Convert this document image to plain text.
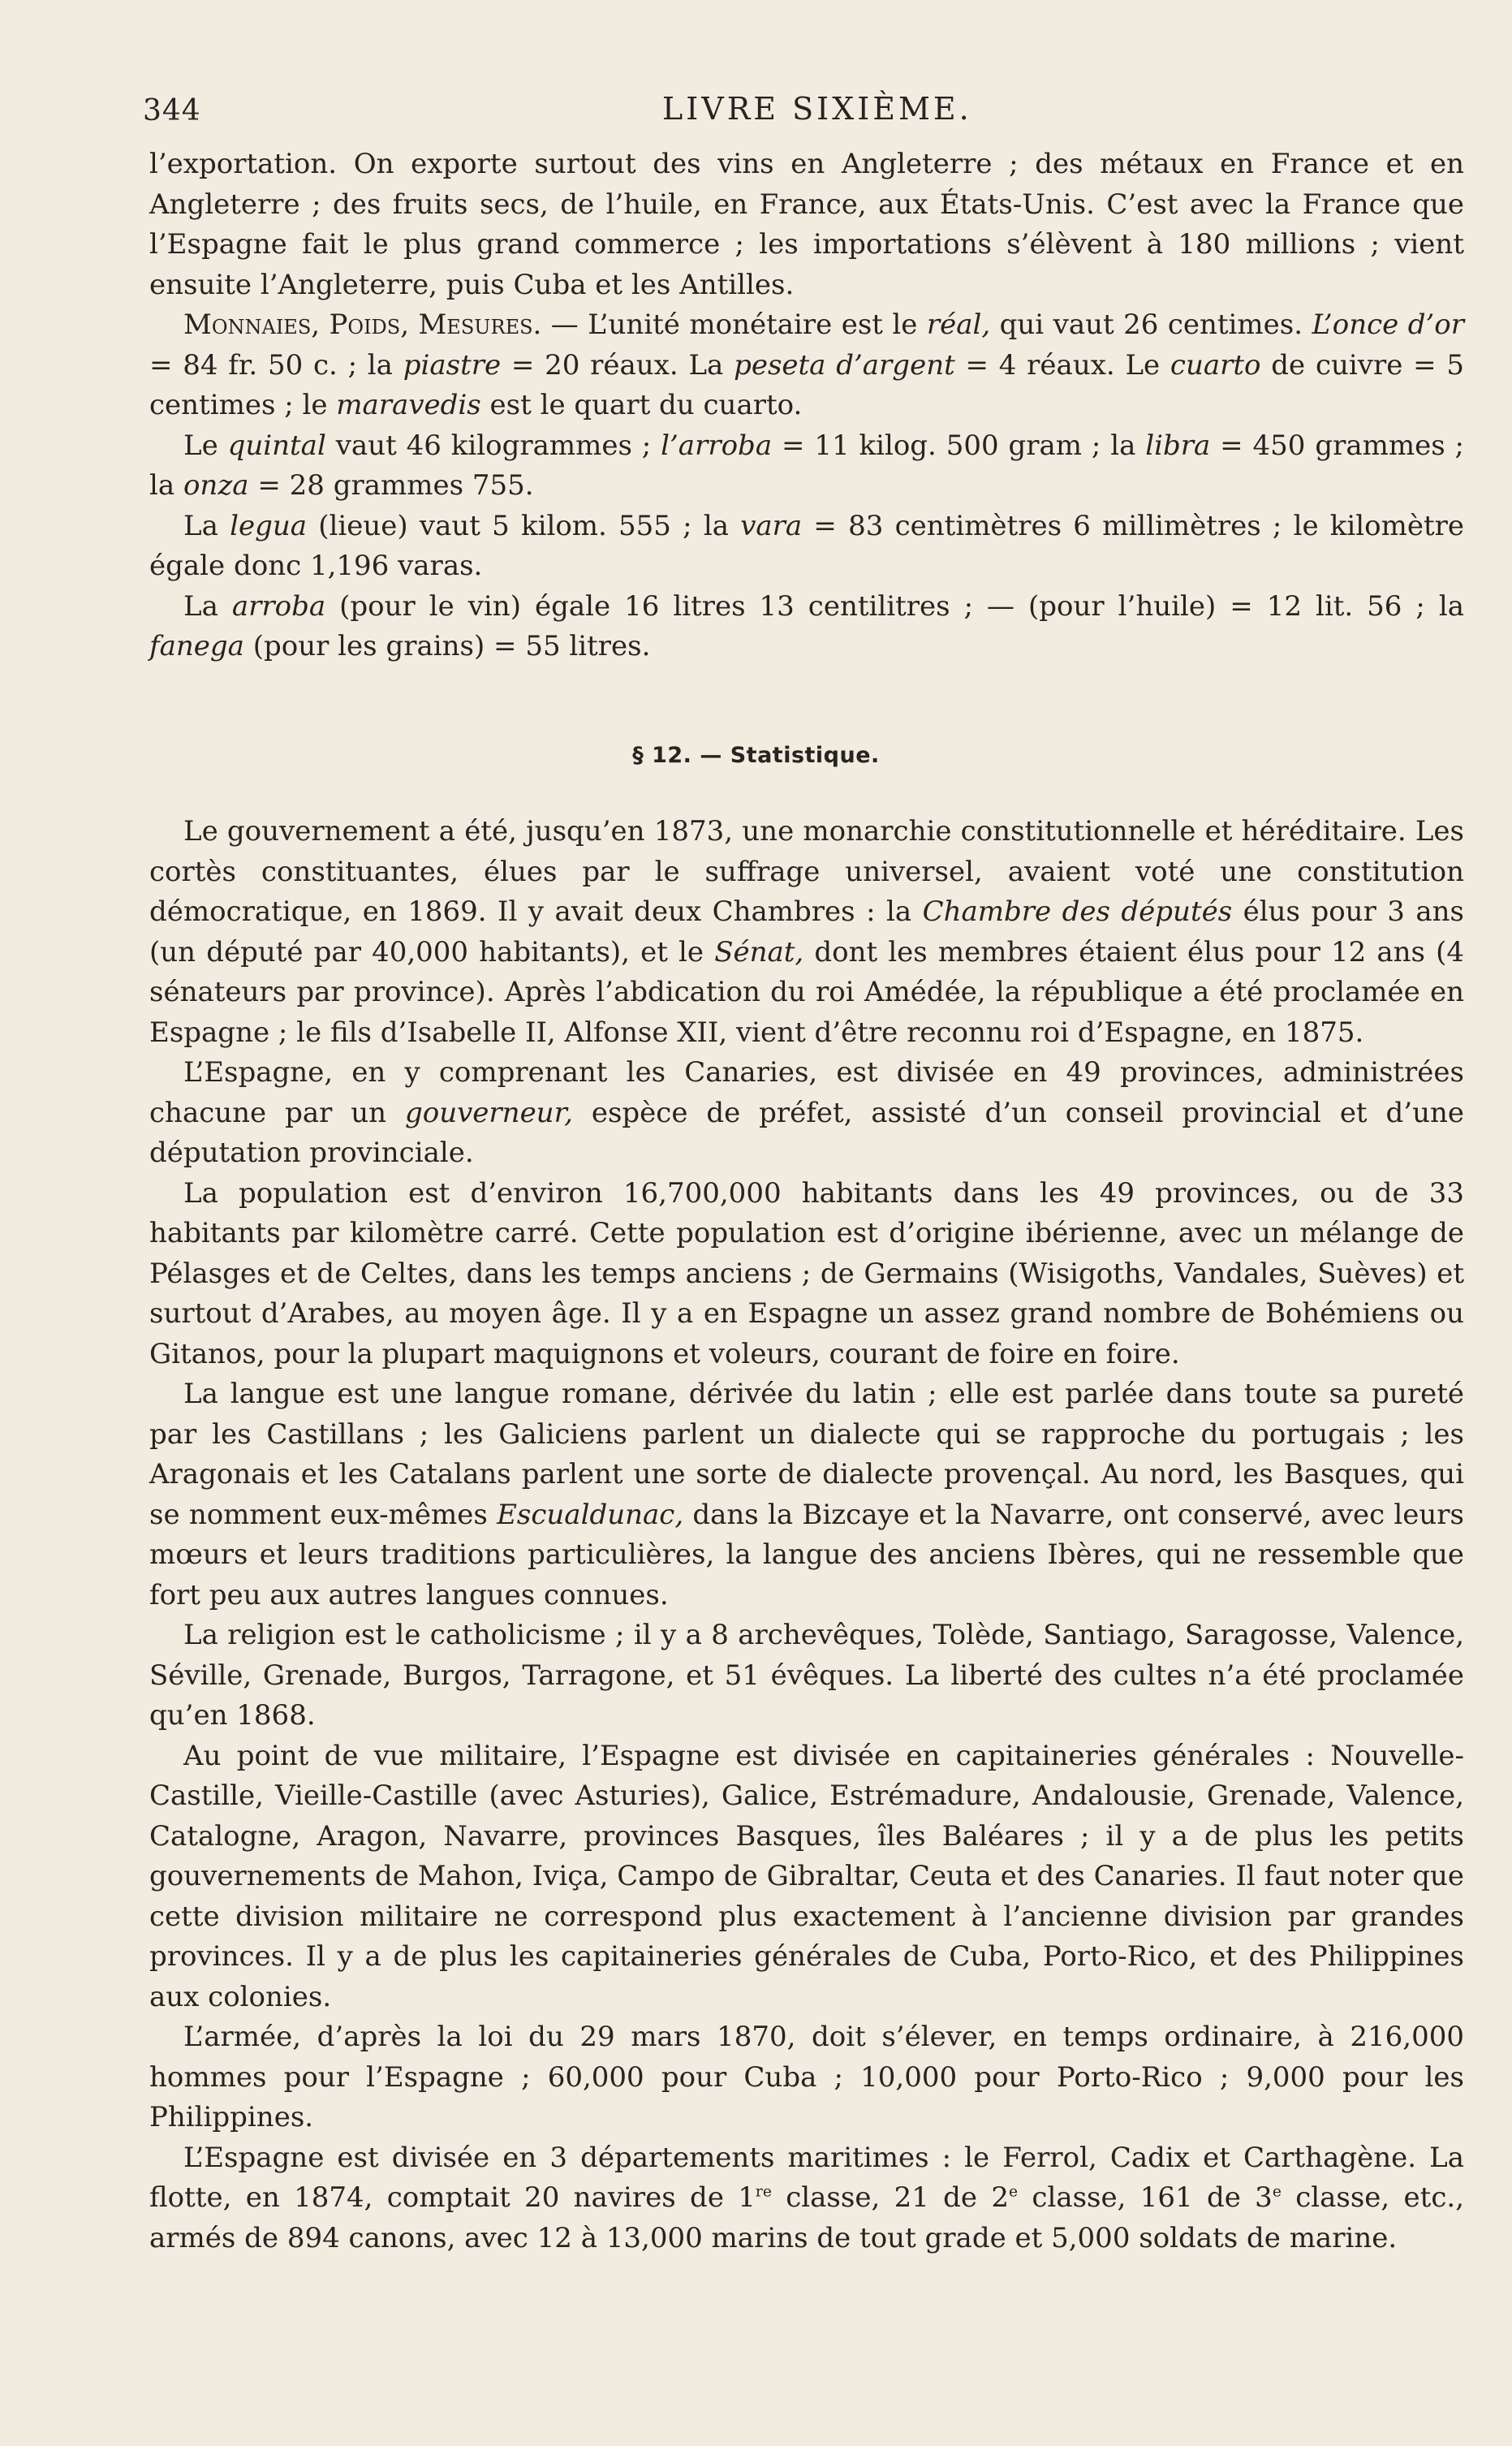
344	LIVRE SIXIÈME.

l’exportation. On exporte surtout des vins en Angleterre ; des métaux en France et en Angleterre ; des fruits secs, de l’huile, en France, aux États-Unis. C’est avec la France que l’Espagne fait le plus grand commerce ; les importations s’élèvent à 180 millions ; vient ensuite l’Angleterre, puis Cuba et les Antilles.

Monnaies, Poids, Mesures. — L’unité monétaire est le réal, qui vaut 26 centimes. L’once d’or = 84 fr. 50 c. ; la piastre = 20 réaux. La peseta d’argent = 4 réaux. Le cuarto de cuivre = 5 centimes ; le maravedis est le quart du cuarto.

Le quintal vaut 46 kilogrammes ; l’arroba = 11 kilog. 500 gram ; la libra = 450 grammes ; la onza = 28 grammes 755.

La legua (lieue) vaut 5 kilom. 555 ; la vara = 83 centimètres 6 millimètres ; le kilomètre égale donc 1,196 varas.

La arroba (pour le vin) égale 16 litres 13 centilitres ; — (pour l’huile) = 12 lit. 56 ; la fanega (pour les grains) = 55 litres.

§ 12. — Statistique.

Le gouvernement a été, jusqu’en 1873, une monarchie constitutionnelle et héréditaire. Les cortès constituantes, élues par le suffrage universel, avaient voté une constitution démocratique, en 1869. Il y avait deux Chambres : la Chambre des députés élus pour 3 ans (un député par 40,000 habitants), et le Sénat, dont les membres étaient élus pour 12 ans (4 sénateurs par province). Après l’abdication du roi Amédée, la république a été proclamée en Espagne ; le fils d’Isabelle II, Alfonse XII, vient d’être reconnu roi d’Espagne, en 1875.

L’Espagne, en y comprenant les Canaries, est divisée en 49 provinces, administrées chacune par un gouverneur, espèce de préfet, assisté d’un conseil provincial et d’une députation provinciale.

La population est d’environ 16,700,000 habitants dans les 49 provinces, ou de 33 habitants par kilomètre carré. Cette population est d’origine ibérienne, avec un mélange de Pélasges et de Celtes, dans les temps anciens ; de Germains (Wisigoths, Vandales, Suèves) et surtout d’Arabes, au moyen âge. Il y a en Espagne un assez grand nombre de Bohémiens ou Gitanos, pour la plupart maquignons et voleurs, courant de foire en foire.

La langue est une langue romane, dérivée du latin ; elle est parlée dans toute sa pureté par les Castillans ; les Galiciens parlent un dialecte qui se rapproche du portugais ; les Aragonais et les Catalans parlent une sorte de dialecte provençal. Au nord, les Basques, qui se nomment eux-mêmes Escualdunac, dans la Bizcaye et la Navarre, ont conservé, avec leurs mœurs et leurs traditions particulières, la langue des anciens Ibères, qui ne ressemble que fort peu aux autres langues connues.

La religion est le catholicisme ; il y a 8 archevêques, Tolède, Santiago, Saragosse, Valence, Séville, Grenade, Burgos, Tarragone, et 51 évêques. La liberté des cultes n’a été proclamée qu’en 1868.

Au point de vue militaire, l’Espagne est divisée en capitaineries générales : Nouvelle-Castille, Vieille-Castille (avec Asturies), Galice, Estrémadure, Andalousie, Grenade, Valence, Catalogne, Aragon, Navarre, provinces Basques, îles Baléares ; il y a de plus les petits gouvernements de Mahon, Iviça, Campo de Gibraltar, Ceuta et des Canaries. Il faut noter que cette division militaire ne correspond plus exactement à l’ancienne division par grandes provinces. Il y a de plus les capitaineries générales de Cuba, Porto-Rico, et des Philippines aux colonies.

L’armée, d’après la loi du 29 mars 1870, doit s’élever, en temps ordinaire, à 216,000 hommes pour l’Espagne ; 60,000 pour Cuba ; 10,000 pour Porto-Rico ; 9,000 pour les Philippines.

L’Espagne est divisée en 3 départements maritimes : le Ferrol, Cadix et Carthagène. La flotte, en 1874, comptait 20 navires de 1re classe, 21 de 2e classe, 161 de 3e classe, etc., armés de 894 canons, avec 12 à 13,000 marins de tout grade et 5,000 soldats de marine.
